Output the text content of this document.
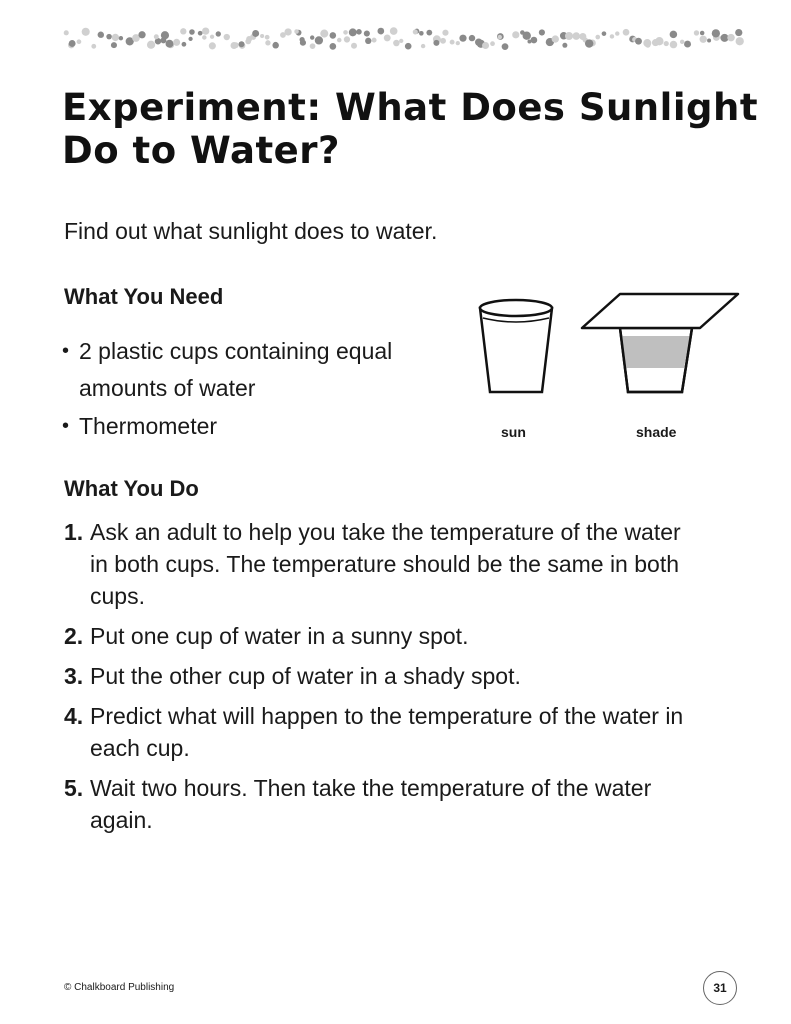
Experiment: What Does Sunlight Do to Water?
Find out what sunlight does to water.
What You Need
• 2 plastic cups containing equal amounts of water
• Thermometer	sun	shade
What You Do
1. Ask an adult to help you take the temperature of the water in both cups. The temperature should be the same in both cups.
2. Put one cup of water in a sunny spot.
3. Put the other cup of water in a shady spot.
4. Predict what will happen to the temperature of the water in each cup.
5. Wait two hours. Then take the temperature of the water again.
© Chalkboard Publishing	31
